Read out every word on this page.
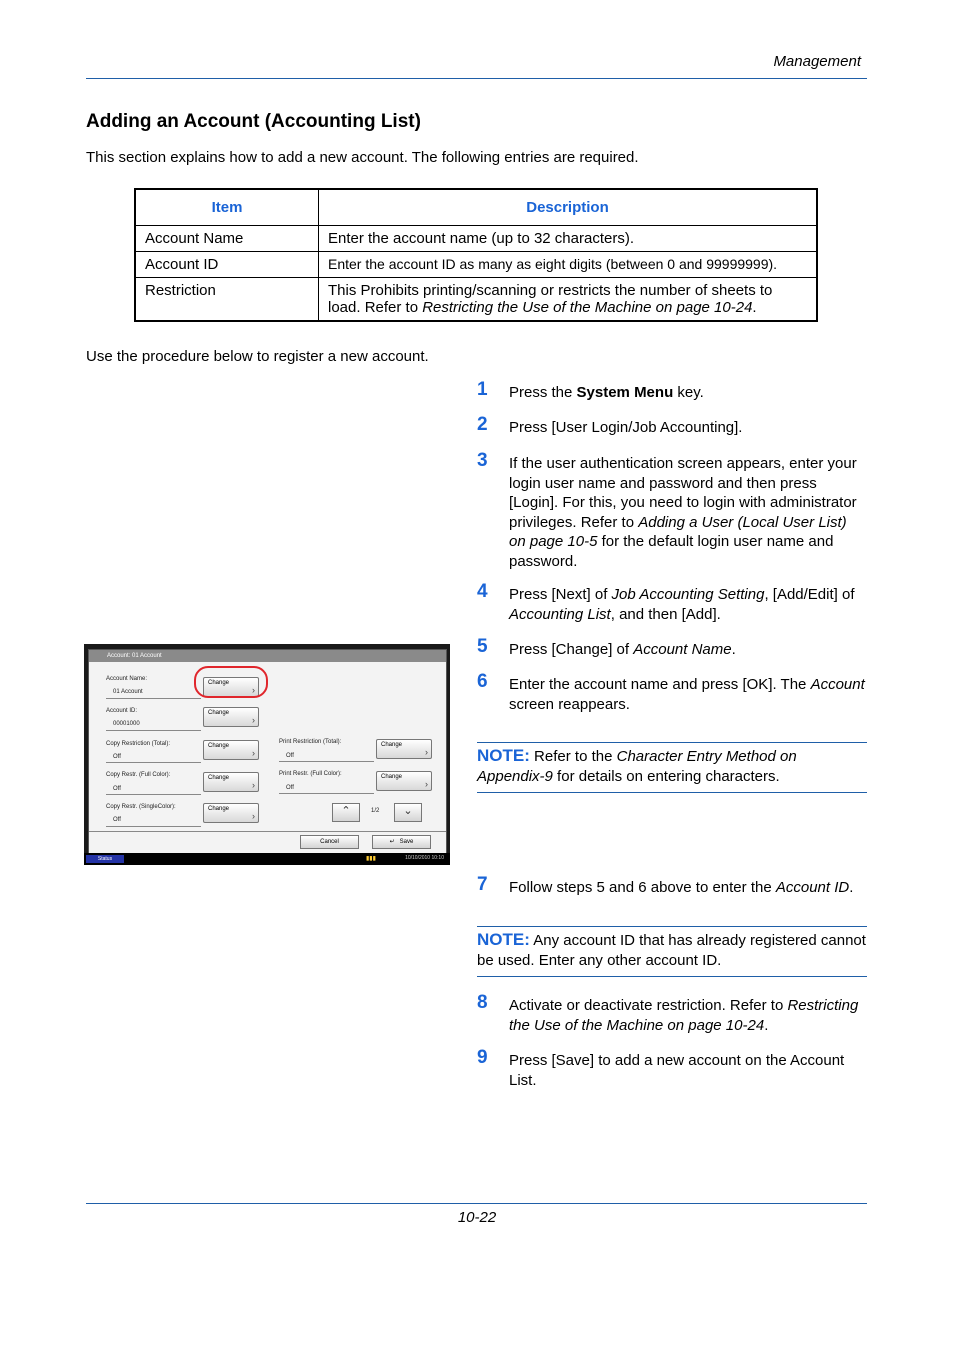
Management
Adding an Account (Accounting List)
This section explains how to add a new account. The following entries are required.
Item	Description
Account Name	Enter the account name (up to 32 characters).
Account ID	Enter the account ID as many as eight digits (between 0 and 99999999).
Restriction	This Prohibits printing/scanning or restricts the number of sheets to load. Refer to Restricting the Use of the Machine on page 10-24.
Use the procedure below to register a new account.
1 Press the System Menu key.
2 Press [User Login/Job Accounting].
3 If the user authentication screen appears, enter your login user name and password and then press [Login]. For this, you need to login with administrator privileges. Refer to Adding a User (Local User List) on page 10-5 for the default login user name and password.
4 Press [Next] of Job Accounting Setting, [Add/Edit] of Accounting List, and then [Add].
5 Press [Change] of Account Name.
6 Enter the account name and press [OK]. The Account screen reappears.
NOTE: Refer to the Character Entry Method on Appendix-9 for details on entering characters.
7 Follow steps 5 and 6 above to enter the Account ID.
NOTE: Any account ID that has already registered cannot be used. Enter any other account ID.
8 Activate or deactivate restriction. Refer to Restricting the Use of the Machine on page 10-24.
9 Press [Save] to add a new account on the Account List.
Account: 01 Account
Account Name:
01 Account
Change
›
Account ID:
00001000
Change
›
Copy Restriction (Total):
Off
Change
›
Copy Restr. (Full Color):
Off
Change
›
Copy Restr. (SingleColor):
Off
Change
›
Print Restriction (Total):
Off
Change
›
Print Restr. (Full Color):
Off
Change
›
⌃	1/2	⌄
Cancel	↵   Save
Status	▮▮▮	10/10/2010 10:10
10-22
